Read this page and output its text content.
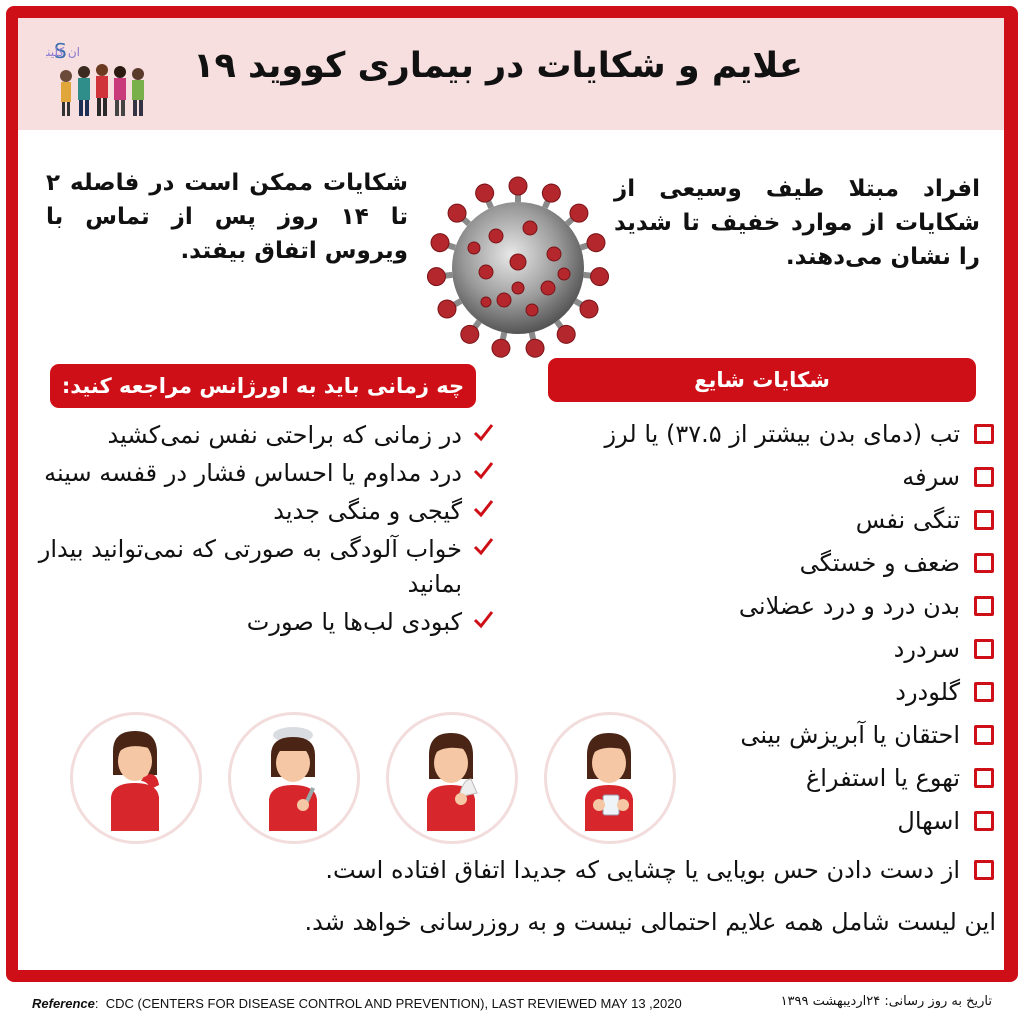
S ان کلین	علایم و شکایات در بیماری کووید ۱۹
افراد مبتلا طیف وسیعی از شکایات از موارد خفیف تا شدید را نشان می‌دهند.
شکایات ممکن است در فاصله ۲ تا ۱۴ روز پس از تماس با ویروس اتفاق بیفتد.
چه زمانی باید به اورژانس مراجعه کنید:	شکایات شایع
در زمانی که براحتی نفس نمی‌کشید
درد مداوم یا احساس فشار در قفسه سینه
گیجی و منگی جدید
خواب آلودگی به صورتی که نمی‌توانید بیدار بمانید
کبودی لب‌ها یا صورت
تب (دمای بدن بیشتر از ۳۷.۵) یا لرز
سرفه
تنگی نفس
ضعف و خستگی
بدن درد و درد عضلانی
سردرد
گلودرد
احتقان یا آبریزش بینی
تهوع یا استفراغ
اسهال
از دست دادن حس بویایی یا چشایی که جدیدا اتفاق افتاده است.
این لیست شامل همه علایم احتمالی نیست و به روزرسانی خواهد شد.
Reference:  CDC (CENTERS FOR DISEASE CONTROL AND PREVENTION), LAST REVIEWED MAY 13 ,2020	تاریخ به روز رسانی: ۲۴اردیبهشت ۱۳۹۹
